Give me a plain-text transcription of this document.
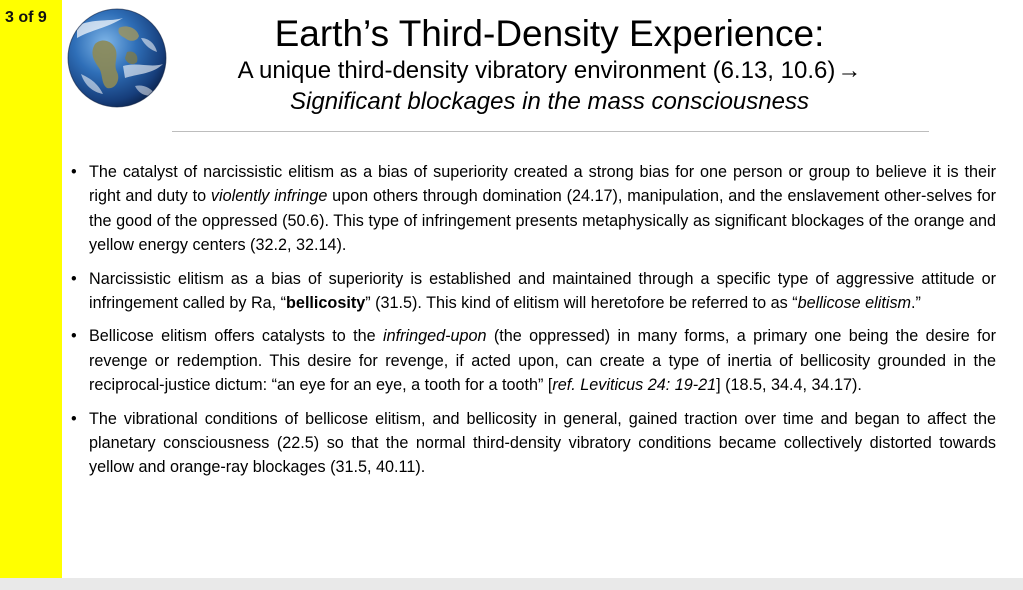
3 of 9	Earth’s Third-Density Experience:
A unique third-density vibratory environment (6.13, 10.6)→
Significant blockages in the mass consciousness
• The catalyst of narcissistic elitism as a bias of superiority created a strong bias for one person or group to believe it is their right and duty to violently infringe upon others through domination (24.17), manipulation, and the enslavement other-selves for the good of the oppressed (50.6). This type of infringement presents metaphysically as significant blockages of the orange and yellow energy centers (32.2, 32.14).
• Narcissistic elitism as a bias of superiority is established and maintained through a specific type of aggressive attitude or infringement called by Ra, “bellicosity” (31.5). This kind of elitism will heretofore be referred to as “bellicose elitism.”
• Bellicose elitism offers catalysts to the infringed-upon (the oppressed) in many forms, a primary one being the desire for revenge or redemption. This desire for revenge, if acted upon, can create a type of inertia of bellicosity grounded in the reciprocal-justice dictum: “an eye for an eye, a tooth for a tooth” [ref. Leviticus 24: 19-21] (18.5, 34.4, 34.17).
• The vibrational conditions of bellicose elitism, and bellicosity in general, gained traction over time and began to affect the planetary consciousness (22.5) so that the normal third-density vibratory conditions became collectively distorted towards yellow and orange-ray blockages (31.5, 40.11).
